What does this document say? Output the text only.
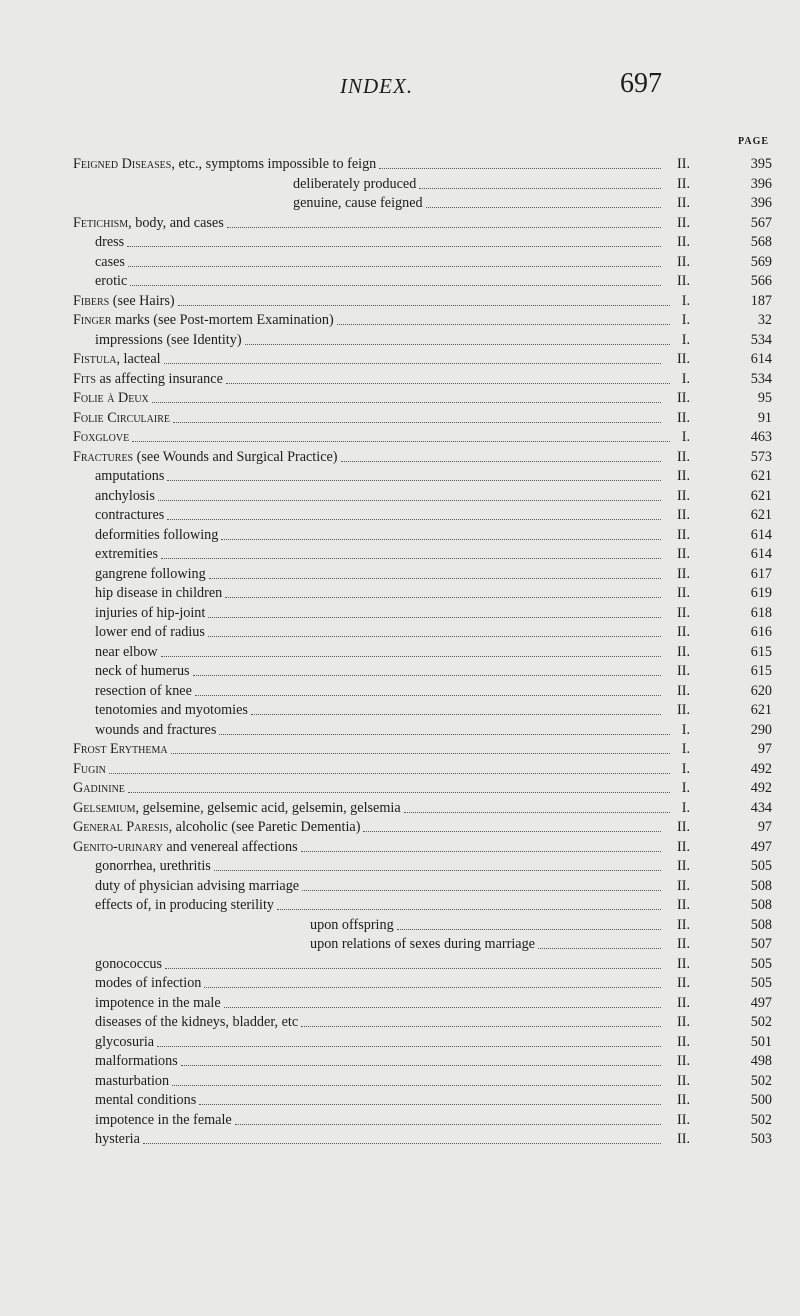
INDEX.	697
PAGE
Feigned Diseases, etc., symptoms impossible to feign	II.	395
deliberately produced	II.	396
genuine, cause feigned	II.	396
Fetichism, body, and cases	II.	567
dress	II.	568
cases	II.	569
erotic	II.	566
Fibers (see Hairs)	I.	187
Finger marks (see Post-mortem Examination)	I.	32
impressions (see Identity)	I.	534
Fistula, lacteal	II.	614
Fits as affecting insurance	I.	534
Folie à Deux	II.	95
Folie Circulaire	II.	91
Foxglove	I.	463
Fractures (see Wounds and Surgical Practice)	II.	573
amputations	II.	621
anchylosis	II.	621
contractures	II.	621
deformities following	II.	614
extremities	II.	614
gangrene following	II.	617
hip disease in children	II.	619
injuries of hip-joint	II.	618
lower end of radius	II.	616
near elbow	II.	615
neck of humerus	II.	615
resection of knee	II.	620
tenotomies and myotomies	II.	621
wounds and fractures	I.	290
Frost Erythema	I.	97
Fugin	I.	492
Gadinine	I.	492
Gelsemium, gelsemine, gelsemic acid, gelsemin, gelsemia	I.	434
General Paresis, alcoholic (see Paretic Dementia)	II.	97
Genito-urinary and venereal affections	II.	497
gonorrhea, urethritis	II.	505
duty of physician advising marriage	II.	508
effects of, in producing sterility	II.	508
upon offspring	II.	508
upon relations of sexes during marriage	II.	507
gonococcus	II.	505
modes of infection	II.	505
impotence in the male	II.	497
diseases of the kidneys, bladder, etc	II.	502
glycosuria	II.	501
malformations	II.	498
masturbation	II.	502
mental conditions	II.	500
impotence in the female	II.	502
hysteria	II.	503
